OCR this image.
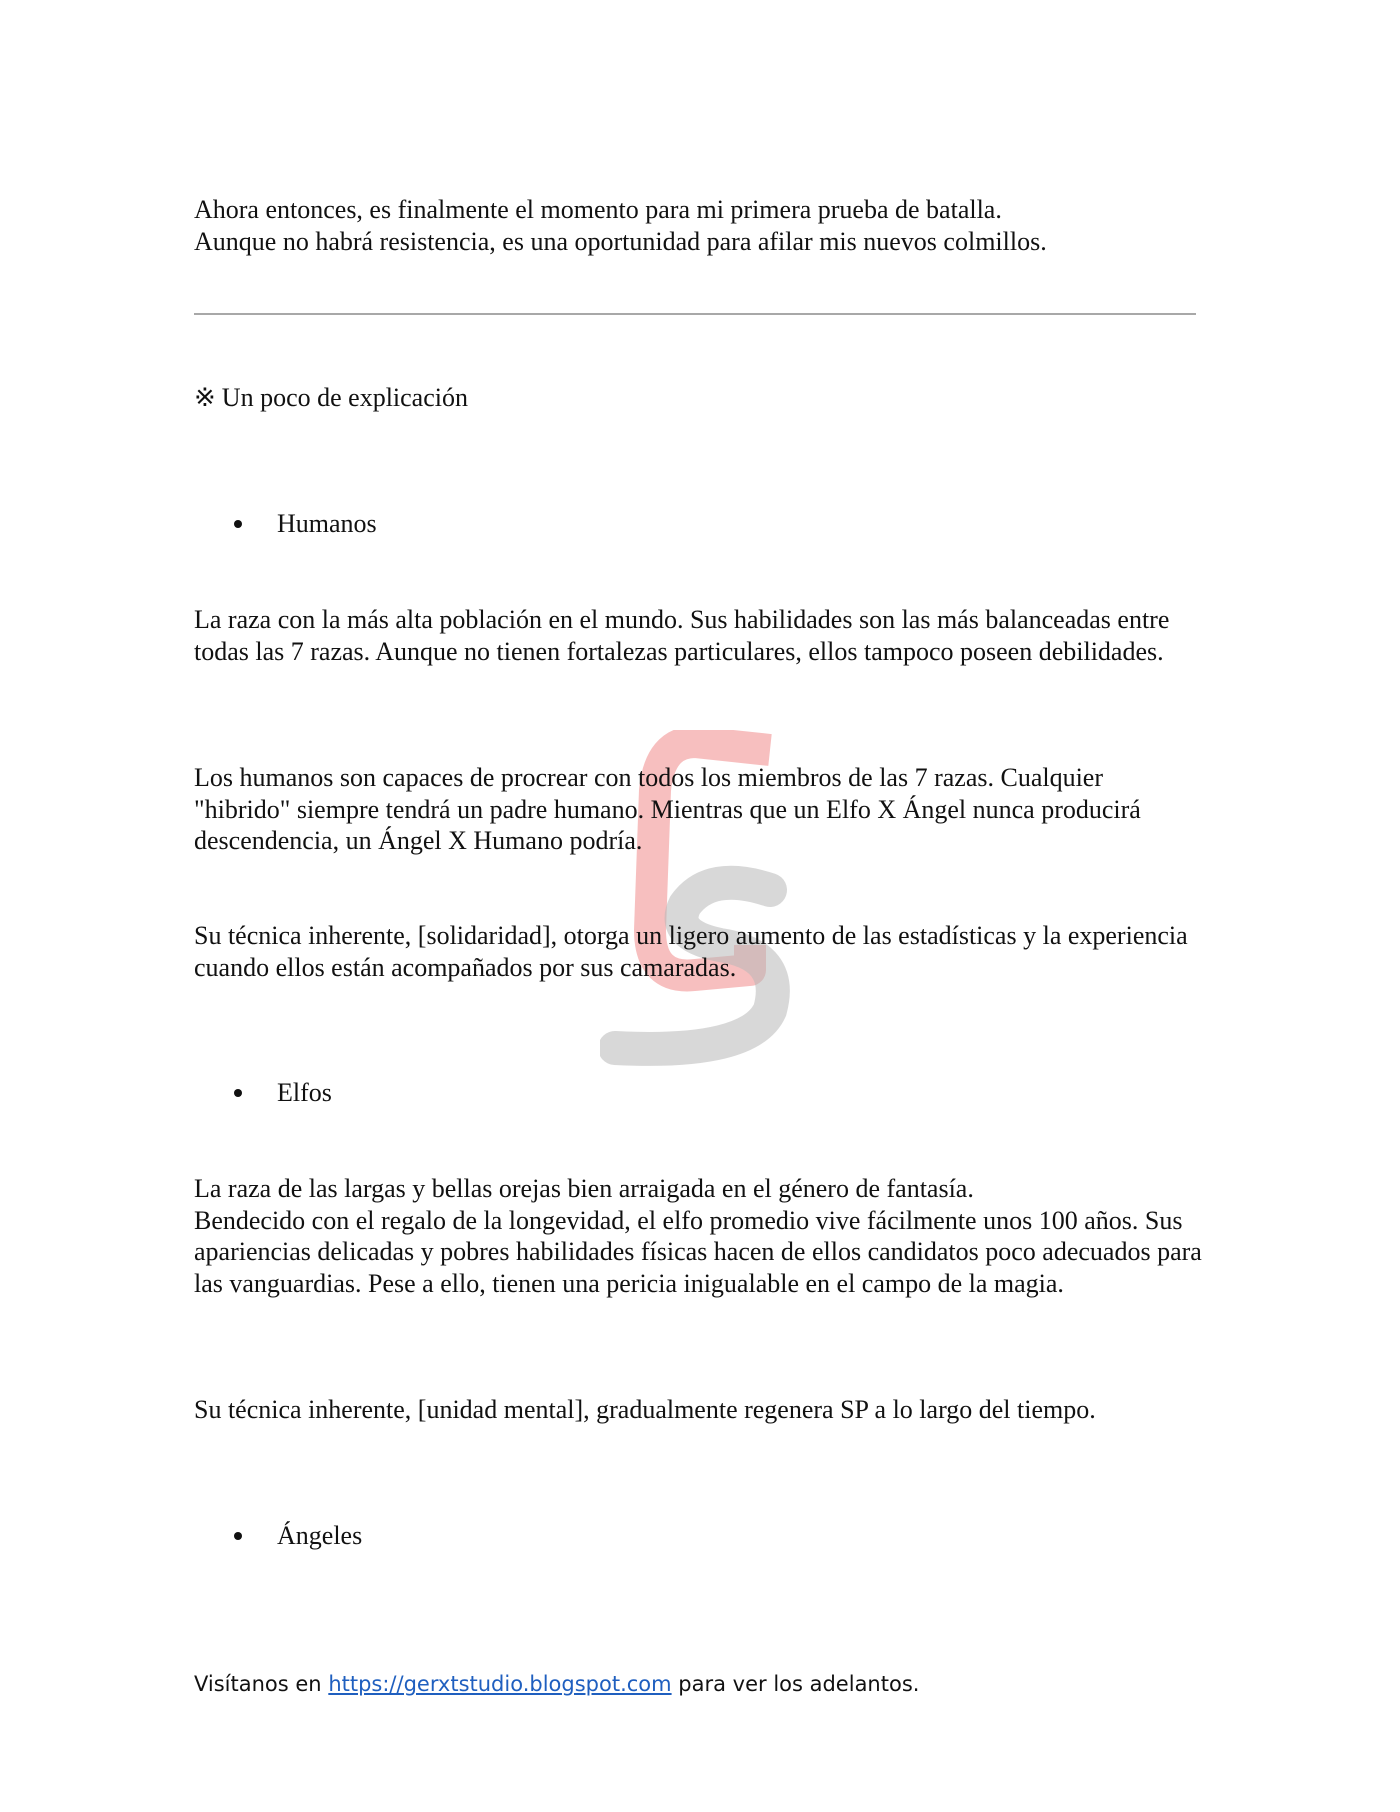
Ahora entonces, es finalmente el momento para mi primera prueba de batalla.

Aunque no habrá resistencia, es una oportunidad para afilar mis nuevos colmillos.

※ Un poco de explicación
Humanos

La raza con la más alta población en el mundo. Sus habilidades son las más balanceadas entre todas las 7 razas. Aunque no tienen fortalezas particulares, ellos tampoco poseen debilidades.

Los humanos son capaces de procrear con todos los miembros de las 7 razas. Cualquier "hibrido" siempre tendrá un padre humano. Mientras que un Elfo X Ángel nunca producirá descendencia, un Ángel X Humano podría.

Su técnica inherente, [solidaridad], otorga un ligero aumento de las estadísticas y la experiencia cuando ellos están acompañados por sus camaradas.

Elfos

La raza de las largas y bellas orejas bien arraigada en el género de fantasía.

Bendecido con el regalo de la longevidad, el elfo promedio vive fácilmente unos 100 años. Sus apariencias delicadas y pobres habilidades físicas hacen de ellos candidatos poco adecuados para las vanguardias. Pese a ello, tienen una pericia inigualable en el campo de la magia.

Su técnica inherente, [unidad mental], gradualmente regenera SP a lo largo del tiempo.

Ángeles
Visítanos en https://gerxtstudio.blogspot.com para ver los adelantos.
